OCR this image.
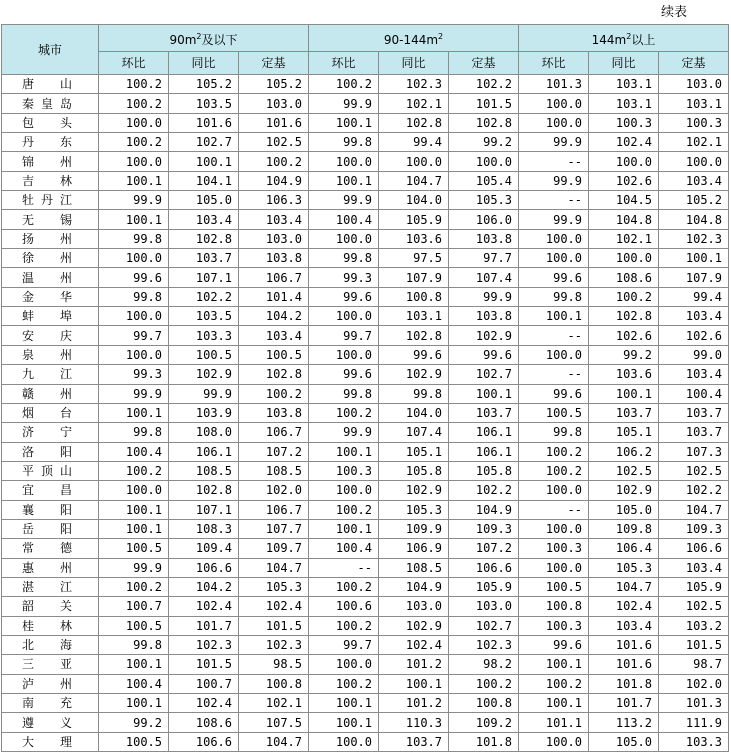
续表
城市	$90m^2$及以下			$90-144m^2$			$144m^2$以上		
	环比	同比	定基	环比	同比	定基	环比	同比	定基
唐山	100.2	105.2	105.2	100.2	102.3	102.2	101.3	103.1	103.0
秦皇岛	100.2	103.5	103.0	99.9	102.1	101.5	100.0	103.1	103.1
包头	100.0	101.6	101.6	100.1	102.8	102.8	100.0	100.3	100.3
丹东	100.2	102.7	102.5	99.8	99.4	99.2	99.9	102.4	102.1
锦州	100.0	100.1	100.2	100.0	100.0	100.0	--	100.0	100.0
吉林	100.1	104.1	104.9	100.1	104.7	105.4	99.9	102.6	103.4
牡丹江	99.9	105.0	106.3	99.9	104.0	105.3	--	104.5	105.2
无锡	100.1	103.4	103.4	100.4	105.9	106.0	99.9	104.8	104.8
扬州	99.8	102.8	103.0	100.0	103.6	103.8	100.0	102.1	102.3
徐州	100.0	103.7	103.8	99.8	97.5	97.7	100.0	100.0	100.1
温州	99.6	107.1	106.7	99.3	107.9	107.4	99.6	108.6	107.9
金华	99.8	102.2	101.4	99.6	100.8	99.9	99.8	100.2	99.4
蚌埠	100.0	103.5	104.2	100.0	103.1	103.8	100.1	102.8	103.4
安庆	99.7	103.3	103.4	99.7	102.8	102.9	--	102.6	102.6
泉州	100.0	100.5	100.5	100.0	99.6	99.6	100.0	99.2	99.0
九江	99.3	102.9	102.8	99.6	102.9	102.7	--	103.6	103.4
赣州	99.9	99.9	100.2	99.8	99.8	100.1	99.6	100.1	100.4
烟台	100.1	103.9	103.8	100.2	104.0	103.7	100.5	103.7	103.7
济宁	99.8	108.0	106.7	99.9	107.4	106.1	99.8	105.1	103.7
洛阳	100.4	106.1	107.2	100.1	105.1	106.1	100.2	106.2	107.3
平顶山	100.2	108.5	108.5	100.3	105.8	105.8	100.2	102.5	102.5
宜昌	100.0	102.8	102.0	100.0	102.9	102.2	100.0	102.9	102.2
襄阳	100.1	107.1	106.7	100.2	105.3	104.9	--	105.0	104.7
岳阳	100.1	108.3	107.7	100.1	109.9	109.3	100.0	109.8	109.3
常德	100.5	109.4	109.7	100.4	106.9	107.2	100.3	106.4	106.6
惠州	99.9	106.6	104.7	--	108.5	106.6	100.0	105.3	103.4
湛江	100.2	104.2	105.3	100.2	104.9	105.9	100.5	104.7	105.9
韶关	100.7	102.4	102.4	100.6	103.0	103.0	100.8	102.4	102.5
桂林	100.5	101.7	101.5	100.2	102.9	102.7	100.3	103.4	103.2
北海	99.8	102.3	102.3	99.7	102.4	102.3	99.6	101.6	101.5
三亚	100.1	101.5	98.5	100.0	101.2	98.2	100.1	101.6	98.7
泸州	100.4	100.7	100.8	100.2	100.1	100.2	100.2	101.8	102.0
南充	100.1	102.4	102.1	100.1	101.2	100.8	100.1	101.7	101.3
遵义	99.2	108.6	107.5	100.1	110.3	109.2	101.1	113.2	111.9
大理	100.5	106.6	104.7	100.0	103.7	101.8	100.0	105.0	103.3
